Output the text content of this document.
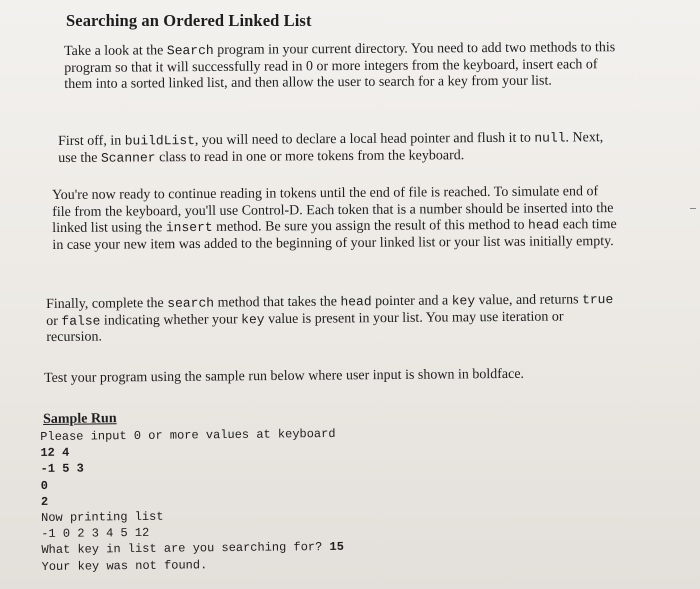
Searching an Ordered Linked List

Take a look at the Search program in your current directory. You need to add two methods to this program so that it will successfully read in 0 or more integers from the keyboard, insert each of them into a sorted linked list, and then allow the user to search for a key from your list.

First off, in buildList, you will need to declare a local head pointer and flush it to null. Next, use the Scanner class to read in one or more tokens from the keyboard.

You're now ready to continue reading in tokens until the end of file is reached. To simulate end of file from the keyboard, you'll use Control-D. Each token that is a number should be inserted into the linked list using the insert method. Be sure you assign the result of this method to head each time in case your new item was added to the beginning of your linked list or your list was initially empty.

Finally, complete the search method that takes the head pointer and a key value, and returns true or false indicating whether your key value is present in your list. You may use iteration or recursion.

Test your program using the sample run below where user input is shown in boldface.

Sample Run
Please input 0 or more values at keyboard
12 4
-1 5 3
0
2
Now printing list
-1 0 2 3 4 5 12
What key in list are you searching for? 15
Your key was not found.
